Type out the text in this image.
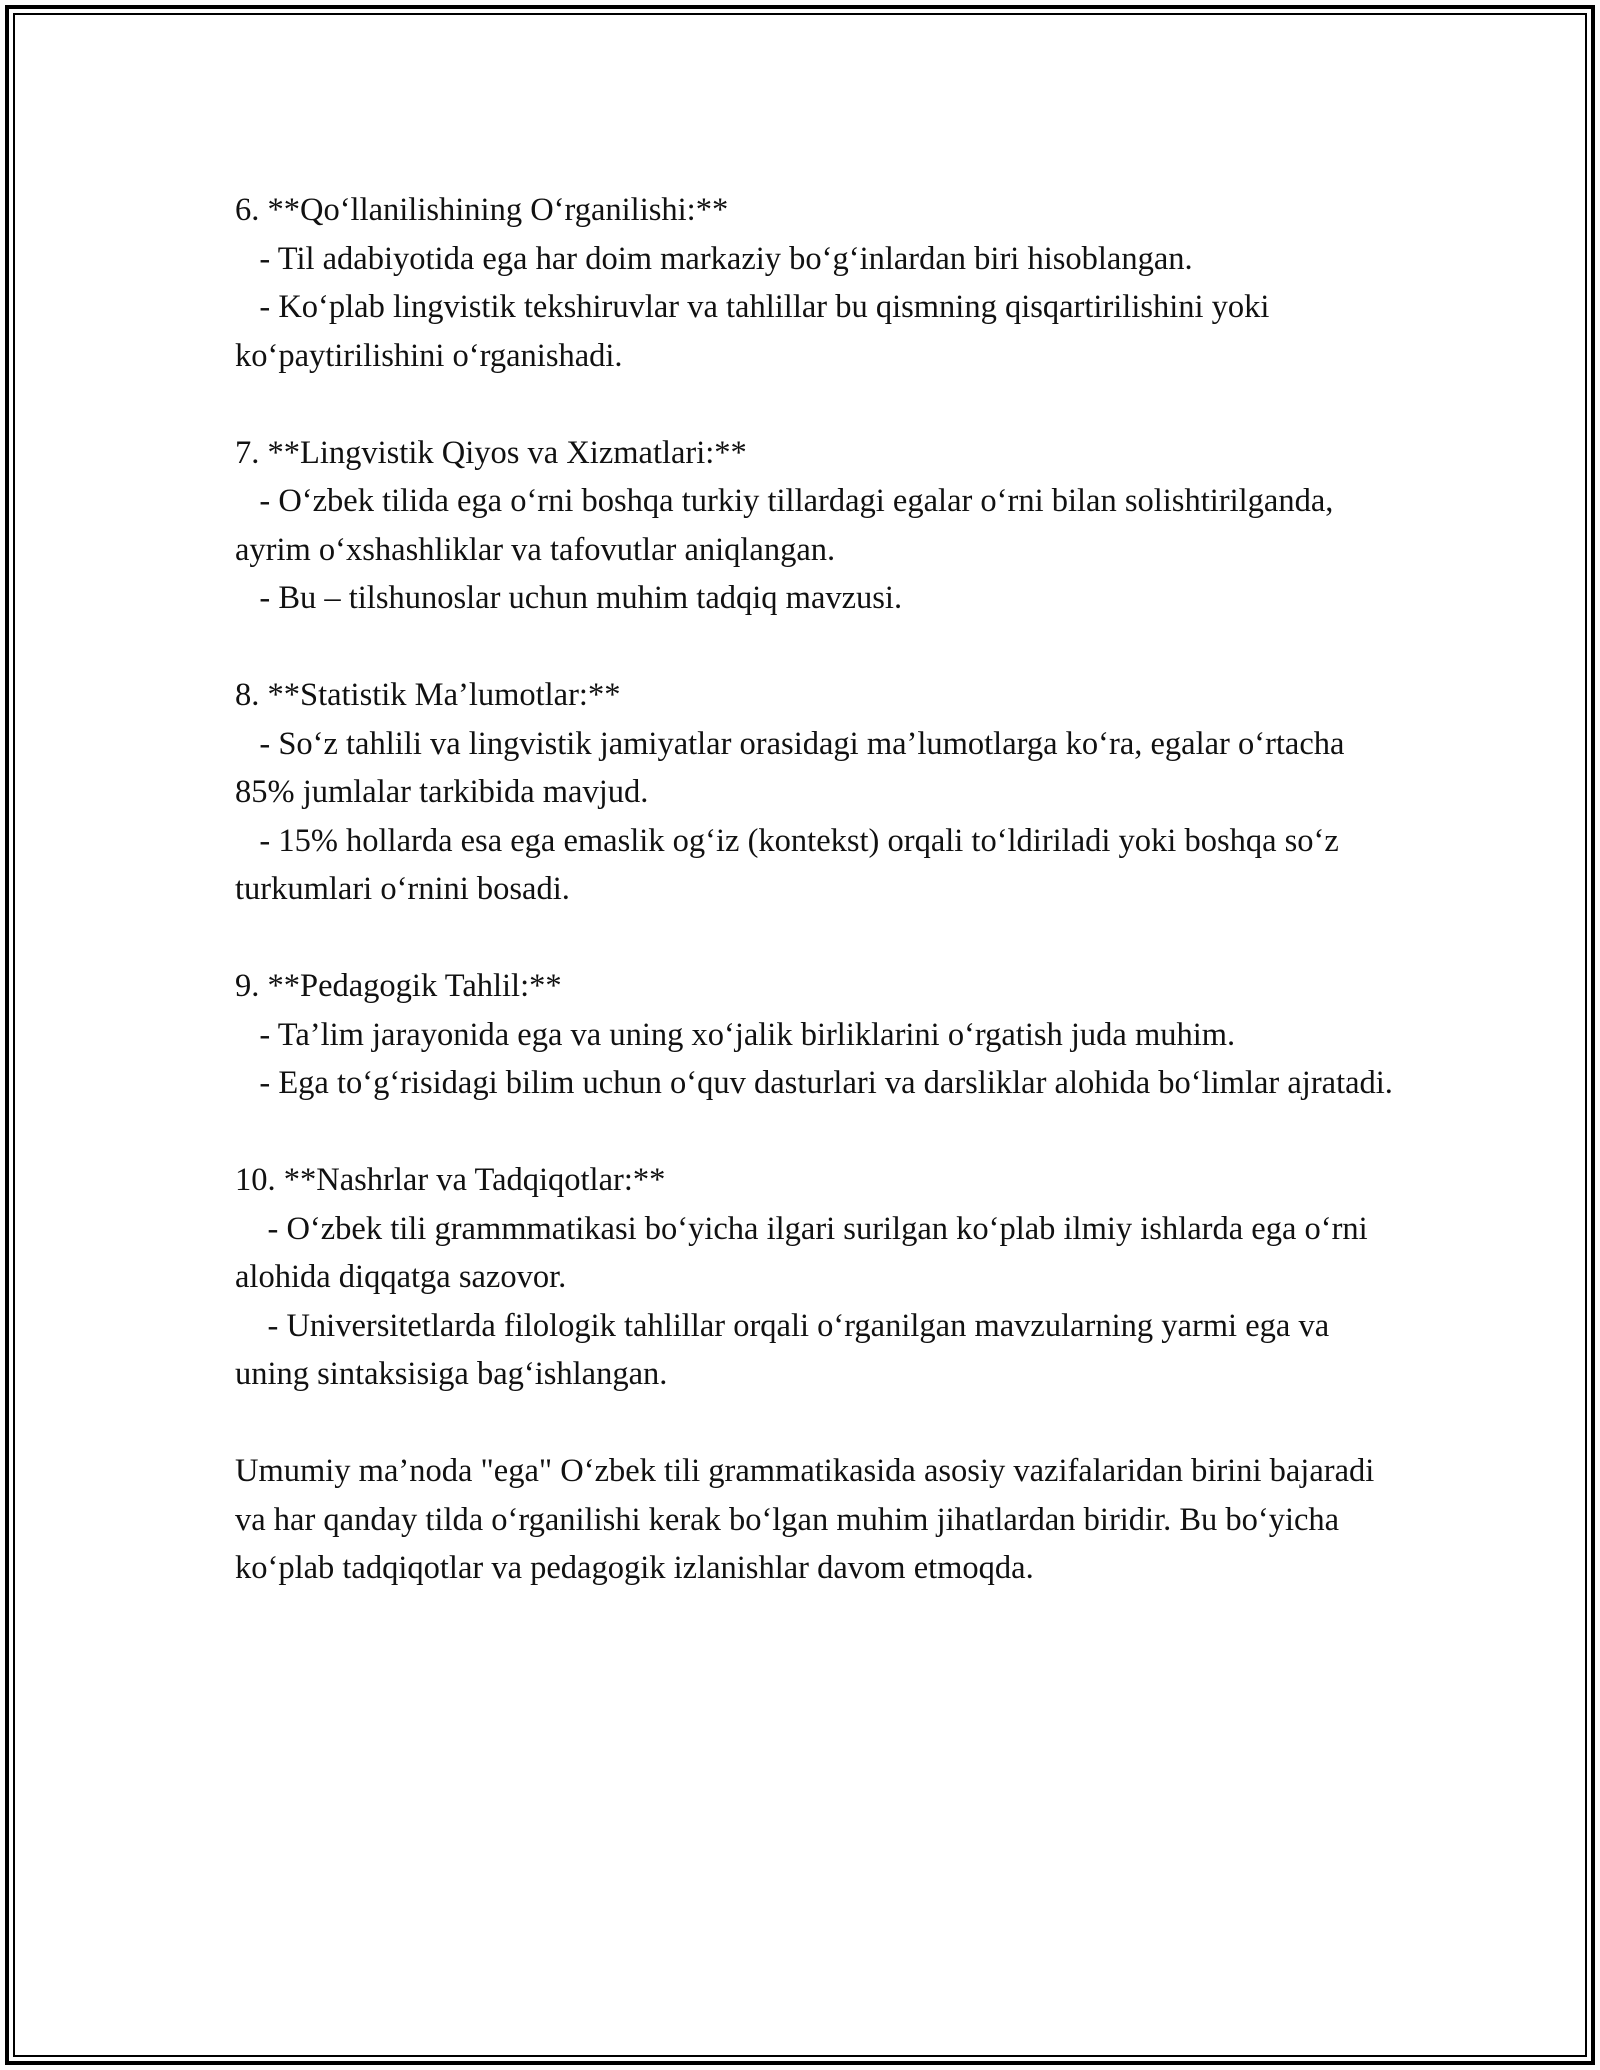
6. **Qo‘llanilishining O‘rganilishi:**

- Til adabiyotida ega har doim markaziy bo‘g‘inlardan biri hisoblangan.

- Ko‘plab lingvistik tekshiruvlar va tahlillar bu qismning qisqartirilishini yoki ko‘paytirilishini o‘rganishadi.

7. **Lingvistik Qiyos va Xizmatlari:**

- O‘zbek tilida ega o‘rni boshqa turkiy tillardagi egalar o‘rni bilan solishtirilganda, ayrim o‘xshashliklar va tafovutlar aniqlangan.

- Bu – tilshunoslar uchun muhim tadqiq mavzusi.

8. **Statistik Ma’lumotlar:**

- So‘z tahlili va lingvistik jamiyatlar orasidagi ma’lumotlarga ko‘ra, egalar o‘rtacha 85% jumlalar tarkibida mavjud.

- 15% hollarda esa ega emaslik og‘iz (kontekst) orqali to‘ldiriladi yoki boshqa so‘z turkumlari o‘rnini bosadi.

9. **Pedagogik Tahlil:**

- Ta’lim jarayonida ega va uning xo‘jalik birliklarini o‘rgatish juda muhim.

- Ega to‘g‘risidagi bilim uchun o‘quv dasturlari va darsliklar alohida bo‘limlar ajratadi.

10. **Nashrlar va Tadqiqotlar:**

- O‘zbek tili grammmatikasi bo‘yicha ilgari surilgan ko‘plab ilmiy ishlarda ega o‘rni alohida diqqatga sazovor.

- Universitetlarda filologik tahlillar orqali o‘rganilgan mavzularning yarmi ega va uning sintaksisiga bag‘ishlangan.

Umumiy ma’noda "ega" O‘zbek tili grammatikasida asosiy vazifalaridan birini bajaradi va har qanday tilda o‘rganilishi kerak bo‘lgan muhim jihatlardan biridir. Bu bo‘yicha ko‘plab tadqiqotlar va pedagogik izlanishlar davom etmoqda.
